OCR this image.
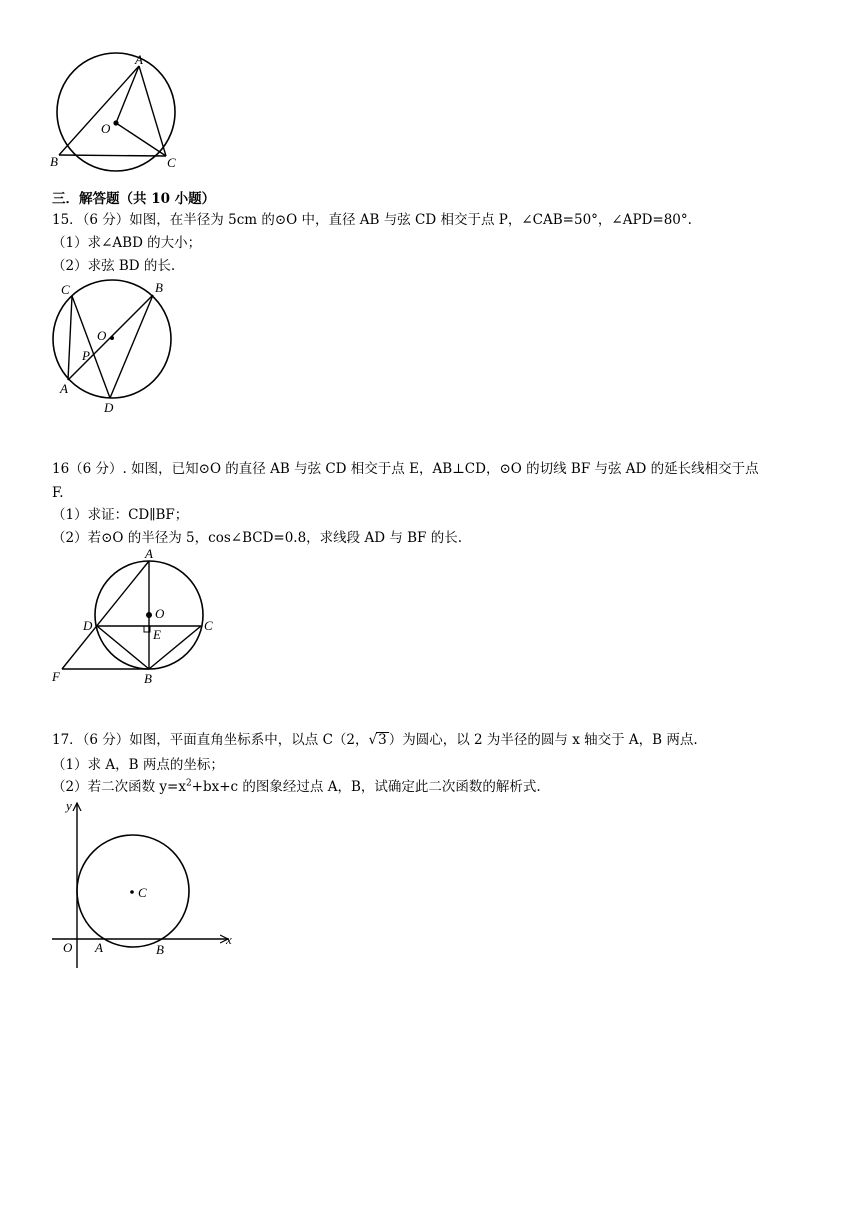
A
B	C
O
三．解答题（共 10 小题）
15．（6 分）如图，在半径为 5cm 的⊙O 中，直径 AB 与弦 CD 相交于点 P，∠CAB=50°，∠APD=80°.
（1）求∠ABD 的大小；
（2）求弦 BD 的长.
C	B
O
P
A
D
16（6 分）. 如图，已知⊙O 的直径 AB 与弦 CD 相交于点 E，AB⊥CD，⊙O 的切线 BF 与弦 AD 的延长线相交于点
F.
（1）求证：CD∥BF；
（2）若⊙O 的半径为 5，cos∠BCD=0.8，求线段 AD 与 BF 的长.
A
O
E
D	C
F	B
17．（6 分）如图，平面直角坐标系中，以点 C（2，√3 ）为圆心，以 2 为半径的圆与 x 轴交于 A，B 两点.
（1）求 A，B 两点的坐标；
（2）若二次函数 $y=x^2+bx+c$ 的图象经过点 A，B，试确定此二次函数的解析式.
y
x
O A	B
C
